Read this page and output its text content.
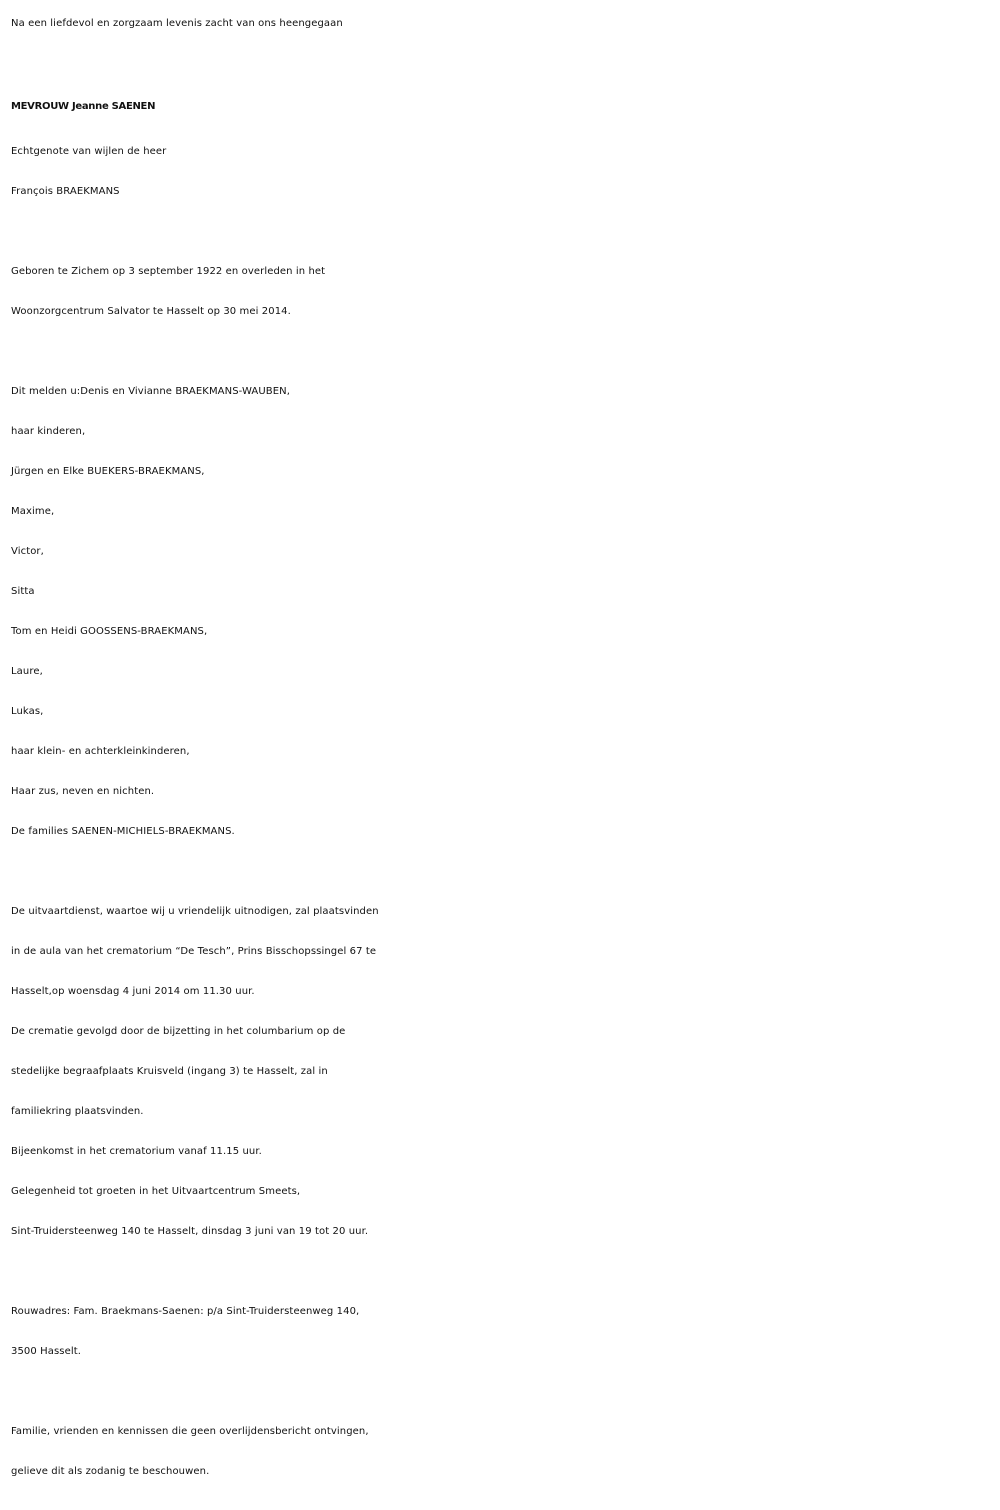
Na een liefdevol en zorgzaam levenis zacht van ons heengegaan
MEVROUW Jeanne SAENEN
Echtgenote van wijlen de heer
François BRAEKMANS
Geboren te Zichem op 3 september 1922 en overleden in het
Woonzorgcentrum Salvator te Hasselt op 30 mei 2014.
Dit melden u:Denis en Vivianne BRAEKMANS-WAUBEN,
haar kinderen,
Jürgen en Elke BUEKERS-BRAEKMANS,
Maxime,
Victor,
Sitta
Tom en Heidi GOOSSENS-BRAEKMANS,
Laure,
Lukas,
haar klein- en achterkleinkinderen,
Haar zus, neven en nichten.
De families SAENEN-MICHIELS-BRAEKMANS.
De uitvaartdienst, waartoe wij u vriendelijk uitnodigen, zal plaatsvinden
in de aula van het crematorium “De Tesch”, Prins Bisschopssingel 67 te
Hasselt,op woensdag 4 juni 2014 om 11.30 uur.
De crematie gevolgd door de bijzetting in het columbarium op de
stedelijke begraafplaats Kruisveld (ingang 3) te Hasselt, zal in
familiekring plaatsvinden.
Bijeenkomst in het crematorium vanaf 11.15 uur.
Gelegenheid tot groeten in het Uitvaartcentrum Smeets,
Sint-Truidersteenweg 140 te Hasselt, dinsdag 3 juni van 19 tot 20 uur.
Rouwadres: Fam. Braekmans-Saenen: p/a Sint-Truidersteenweg 140,
3500 Hasselt.
Familie, vrienden en kennissen die geen overlijdensbericht ontvingen,
gelieve dit als zodanig te beschouwen.
